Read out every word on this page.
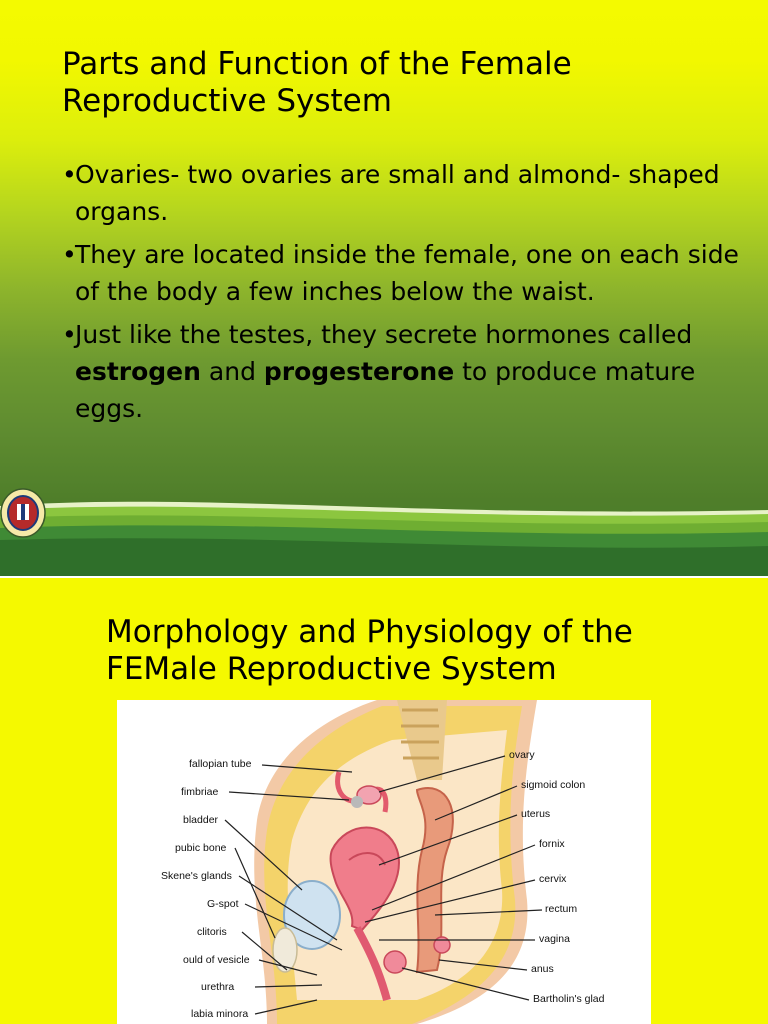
Parts and Function of the Female Reproductive System
•
Ovaries- two ovaries are small and almond- shaped organs.
•
They are located inside the female, one on each side of the body a few inches below the waist.
•
Just like the testes, they secrete hormones called estrogen and progesterone to produce mature eggs.
Morphology and Physiology of the FEMale Reproductive System
fallopian tube
fimbriae
bladder
pubic bone
Skene's glands
G-spot
clitoris
ould of vesicle
urethra
labia minora
ovary
sigmoid colon
uterus
fornix
cervix
rectum
vagina
anus
Bartholin's glad
